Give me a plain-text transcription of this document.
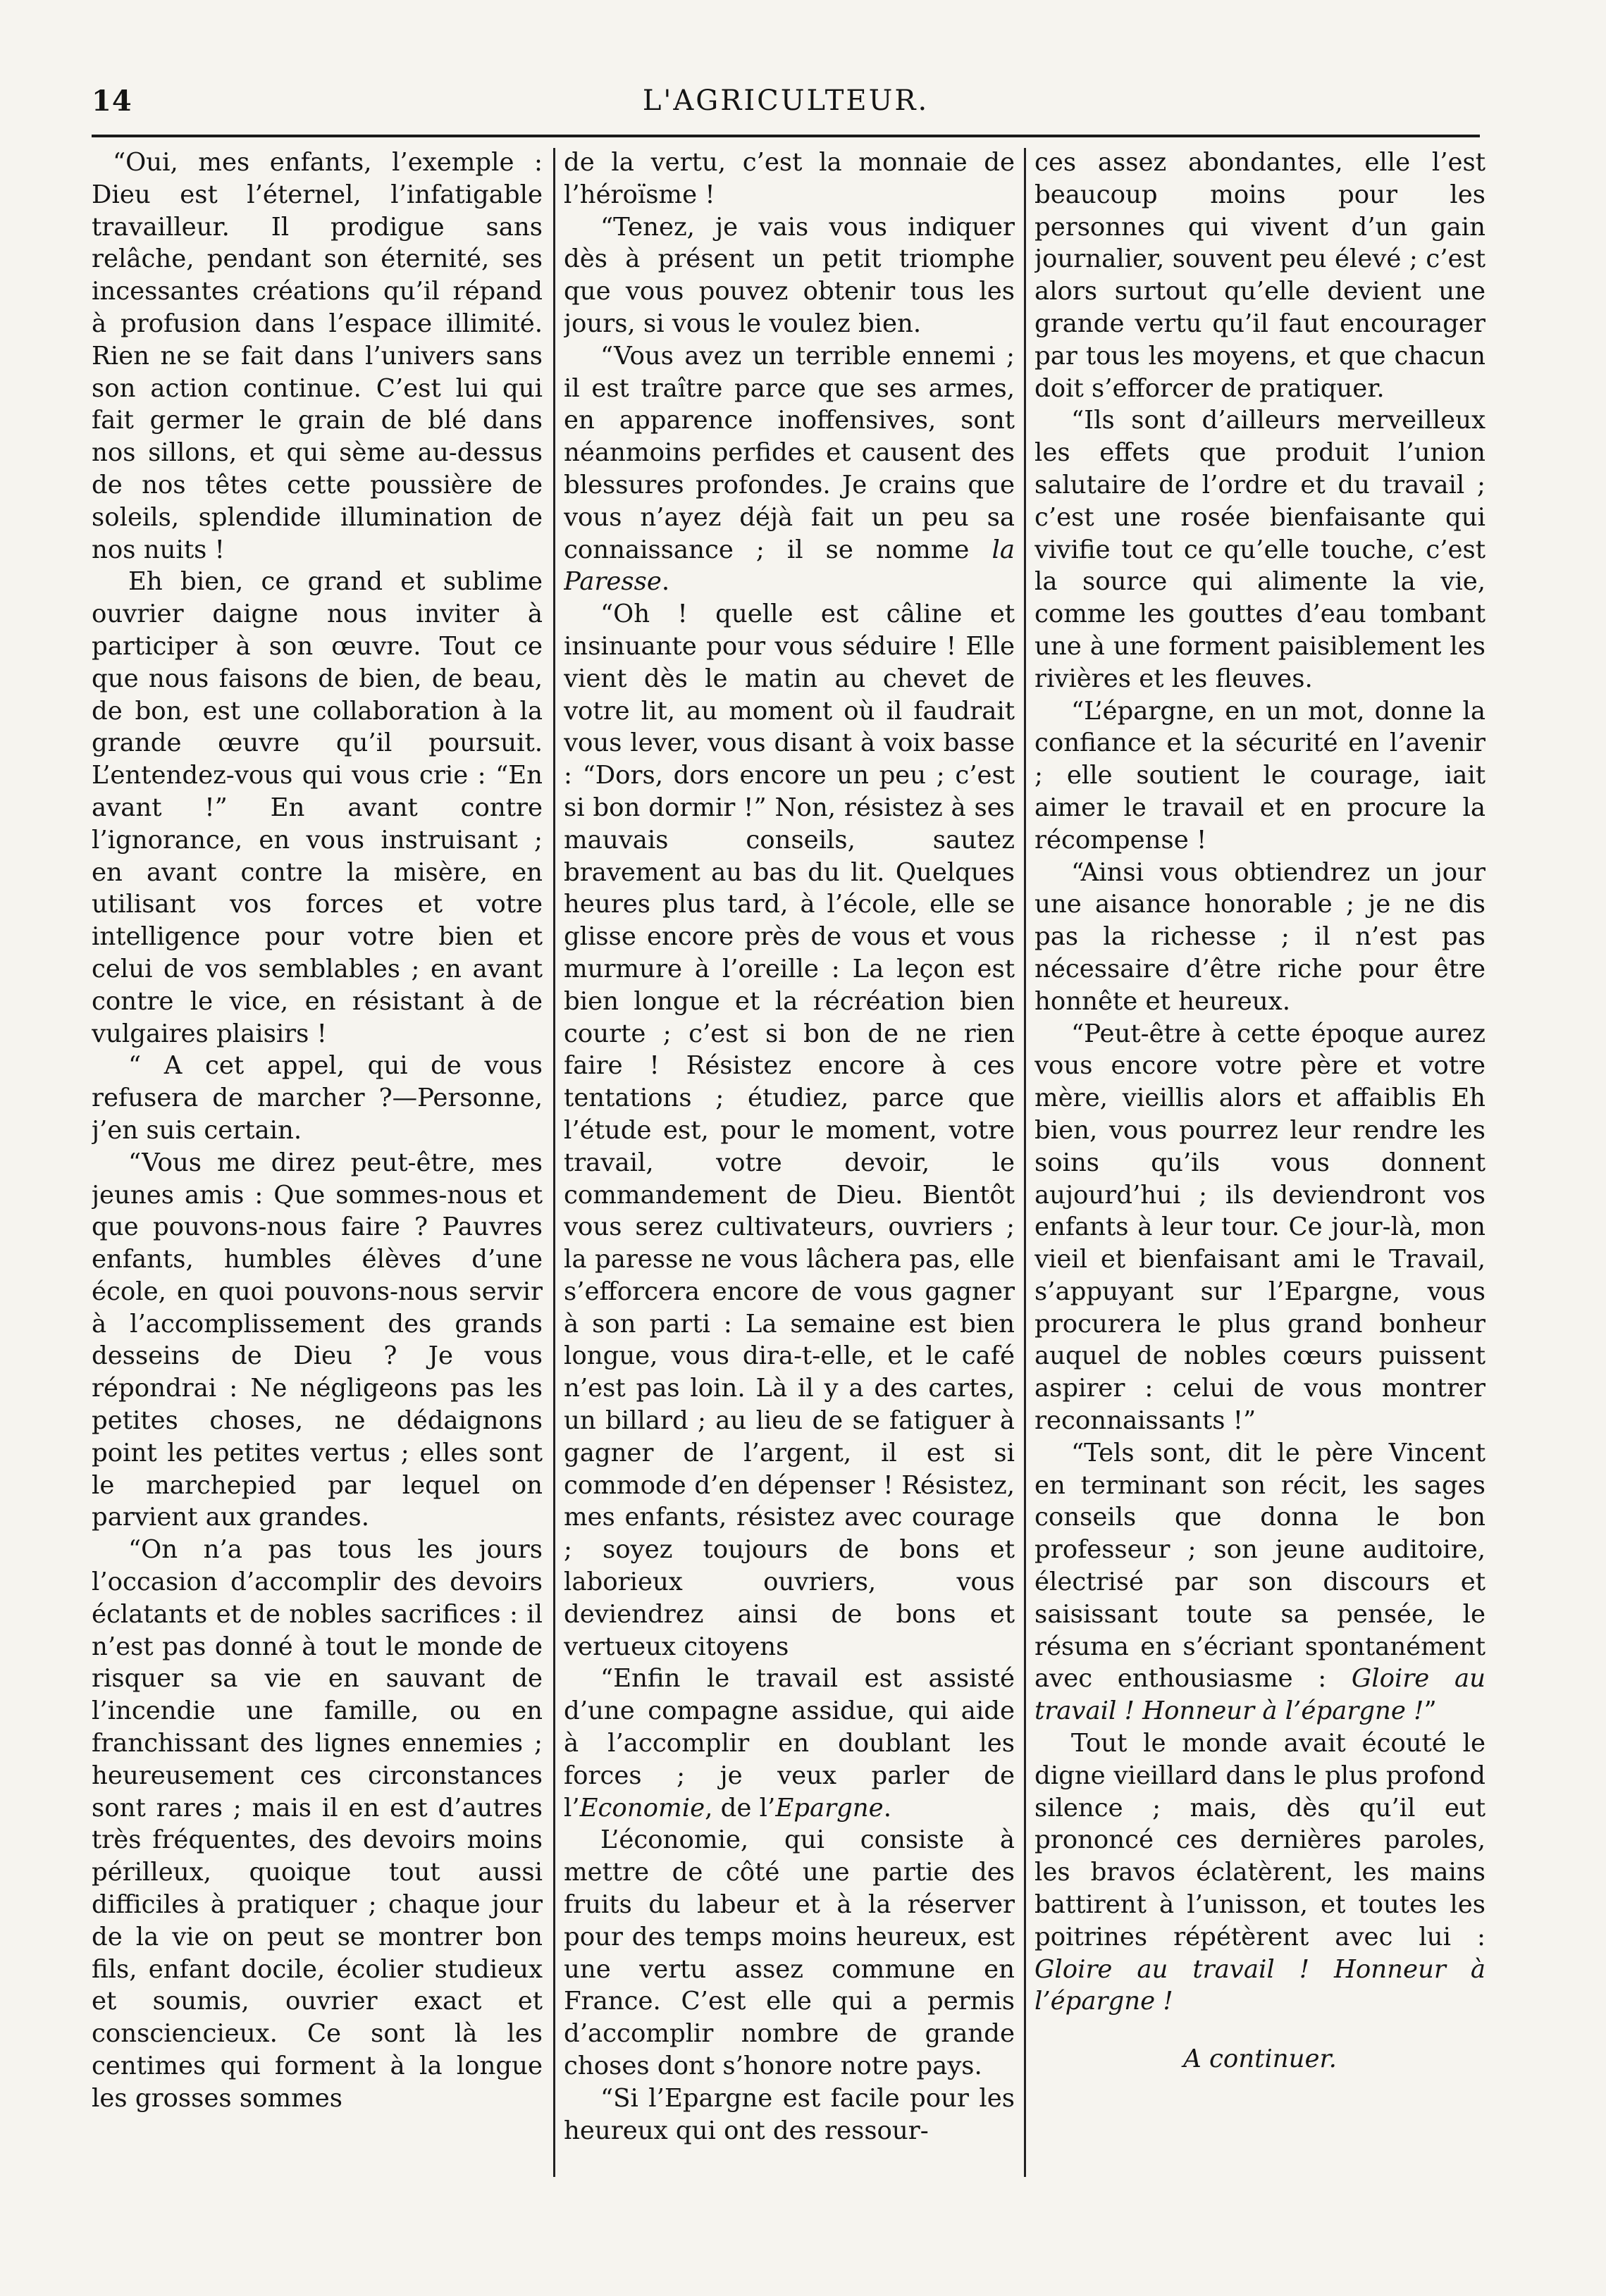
14	L'AGRICULTEUR.

“Oui, mes enfants, l’exemple : Dieu est l’éternel, l’infatigable travailleur. Il prodigue sans relâche, pendant son éternité, ses incessantes créations qu’il répand à profusion dans l’espace illimité. Rien ne se fait dans l’univers sans son action continue. C’est lui qui fait germer le grain de blé dans nos sillons, et qui sème au-dessus de nos têtes cette poussière de soleils, splendide illumination de nos nuits !

Eh bien, ce grand et sublime ouvrier daigne nous inviter à participer à son œuvre. Tout ce que nous faisons de bien, de beau, de bon, est une collaboration à la grande œuvre qu’il poursuit. L’entendez-vous qui vous crie : “En avant !” En avant contre l’ignorance, en vous instruisant ; en avant contre la misère, en utilisant vos forces et votre intelligence pour votre bien et celui de vos semblables ; en avant contre le vice, en résistant à de vulgaires plaisirs !

“ A cet appel, qui de vous refusera de marcher ?—Personne, j’en suis certain.

“Vous me direz peut-être, mes jeunes amis : Que sommes-nous et que pouvons-nous faire ? Pauvres enfants, humbles élèves d’une école, en quoi pouvons-nous servir à l’accomplissement des grands desseins de Dieu ? Je vous répondrai : Ne négligeons pas les petites choses, ne dédaignons point les petites vertus ; elles sont le marchepied par lequel on parvient aux grandes.

“On n’a pas tous les jours l’occasion d’accomplir des devoirs éclatants et de nobles sacrifices : il n’est pas donné à tout le monde de risquer sa vie en sauvant de l’incendie une famille, ou en franchissant des lignes ennemies ; heureusement ces circonstances sont rares ; mais il en est d’autres très fréquentes, des devoirs moins périlleux, quoique tout aussi difficiles à pratiquer ; chaque jour de la vie on peut se montrer bon fils, enfant docile, écolier studieux et soumis, ouvrier exact et consciencieux. Ce sont là les centimes qui forment à la longue les grosses sommes

de la vertu, c’est la monnaie de l’héroïsme !

“Tenez, je vais vous indiquer dès à présent un petit triomphe que vous pouvez obtenir tous les jours, si vous le voulez bien.

“Vous avez un terrible ennemi ; il est traître parce que ses armes, en apparence inoffensives, sont néanmoins perfides et causent des blessures profondes. Je crains que vous n’ayez déjà fait un peu sa connaissance ; il se nomme la Paresse.

“Oh ! quelle est câline et insinuante pour vous séduire ! Elle vient dès le matin au chevet de votre lit, au moment où il faudrait vous lever, vous disant à voix basse : “Dors, dors encore un peu ; c’est si bon dormir !” Non, résistez à ses mauvais conseils, sautez bravement au bas du lit. Quelques heures plus tard, à l’école, elle se glisse encore près de vous et vous murmure à l’oreille : La leçon est bien longue et la récréation bien courte ; c’est si bon de ne rien faire ! Résistez encore à ces tentations ; étudiez, parce que l’étude est, pour le moment, votre travail, votre devoir, le commandement de Dieu. Bientôt vous serez cultivateurs, ouvriers ; la paresse ne vous lâchera pas, elle s’efforcera encore de vous gagner à son parti : La semaine est bien longue, vous dira-t-elle, et le café n’est pas loin. Là il y a des cartes, un billard ; au lieu de se fatiguer à gagner de l’argent, il est si commode d’en dépenser ! Résistez, mes enfants, résistez avec courage ; soyez toujours de bons et laborieux ouvriers, vous deviendrez ainsi de bons et vertueux citoyens

“Enfin le travail est assisté d’une compagne assidue, qui aide à l’accomplir en doublant les forces ; je veux parler de l’Economie, de l’Epargne.

L’économie, qui consiste à mettre de côté une partie des fruits du labeur et à la réserver pour des temps moins heureux, est une vertu assez commune en France. C’est elle qui a permis d’accomplir nombre de grande choses dont s’honore notre pays.

“Si l’Epargne est facile pour les heureux qui ont des ressour-

ces assez abondantes, elle l’est beaucoup moins pour les personnes qui vivent d’un gain journalier, souvent peu élevé ; c’est alors surtout qu’elle devient une grande vertu qu’il faut encourager par tous les moyens, et que chacun doit s’efforcer de pratiquer.

“Ils sont d’ailleurs merveilleux les effets que produit l’union salutaire de l’ordre et du travail ; c’est une rosée bienfaisante qui vivifie tout ce qu’elle touche, c’est la source qui alimente la vie, comme les gouttes d’eau tombant une à une forment paisiblement les rivières et les fleuves.

“L’épargne, en un mot, donne la confiance et la sécurité en l’avenir ; elle soutient le courage, iait aimer le travail et en procure la récompense !

“Ainsi vous obtiendrez un jour une aisance honorable ; je ne dis pas la richesse ; il n’est pas nécessaire d’être riche pour être honnête et heureux.

“Peut-être à cette époque aurez vous encore votre père et votre mère, vieillis alors et affaiblis Eh bien, vous pourrez leur rendre les soins qu’ils vous donnent aujourd’hui ; ils deviendront vos enfants à leur tour. Ce jour-là, mon vieil et bienfaisant ami le Travail, s’appuyant sur l’Epargne, vous procurera le plus grand bonheur auquel de nobles cœurs puissent aspirer : celui de vous montrer reconnaissants !”

“Tels sont, dit le père Vincent en terminant son récit, les sages conseils que donna le bon professeur ; son jeune auditoire, électrisé par son discours et saisissant toute sa pensée, le résuma en s’écriant spontanément avec enthousiasme : Gloire au travail ! Honneur à l’épargne !”

Tout le monde avait écouté le digne vieillard dans le plus profond silence ; mais, dès qu’il eut prononcé ces dernières paroles, les bravos éclatèrent, les mains battirent à l’unisson, et toutes les poitrines répétèrent avec lui : Gloire au travail ! Honneur à l’épargne !

A continuer.
